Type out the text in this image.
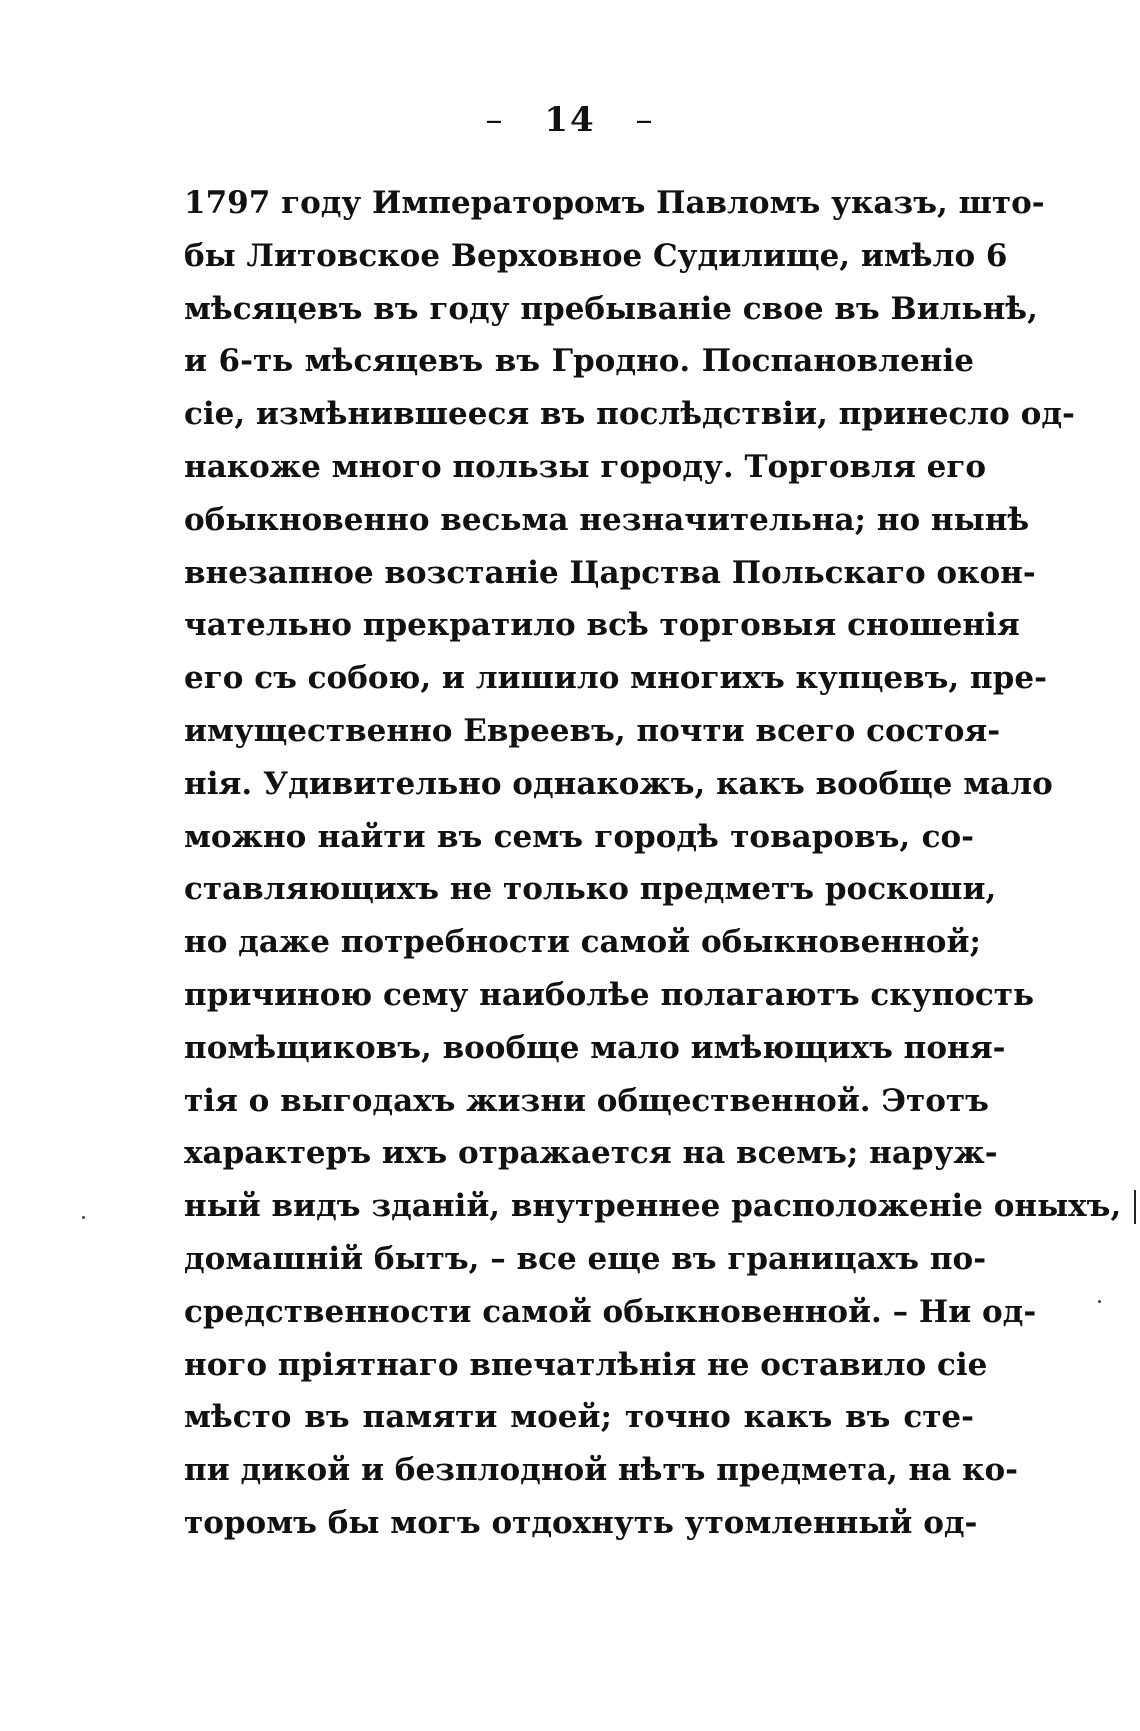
– 14 –
1797 году Императоромъ Павломъ указъ, што-
бы Литовское Верховное Судилище, имѣло 6
мѣсяцевъ въ году пребыванiе свое въ Вильнѣ,
и 6-ть мѣсяцевъ въ Гродно. Поспановленiе
сiе, измѣнившееся въ послѣдствiи, принесло од-
накоже много пользы городу. Торговля его
обыкновенно весьма незначительна; но нынѣ
внезапное возстанiе Царства Польскаго окон-
чательно прекратило всѣ торговыя сношенiя
его съ собою, и лишило многихъ купцевъ, пре-
имущественно Евреевъ, почти всего состоя-
нiя. Удивительно однакожъ, какъ вообще мало
можно найти въ семъ городѣ товаровъ, со-
ставляющихъ не только предметъ роскоши,
но даже потребности самой обыкновенной;
причиною сему наиболѣе полагаютъ скупость
помѣщиковъ, вообще мало имѣющихъ поня-
тiя о выгодахъ жизни общественной. Этотъ
характеръ ихъ отражается на всемъ; наруж-
ный видъ зданiй, внутреннее расположенiе оныхъ,
домашнiй бытъ, – все еще въ границахъ по-
средственности самой обыкновенной. – Ни од-
ного прiятнаго впечатлѣнiя не оставило сiе
мѣсто въ памяти моей; точно какъ въ сте-
пи дикой и безплодной нѣтъ предмета, на ко-
торомъ бы могъ отдохнуть утомленный од-
